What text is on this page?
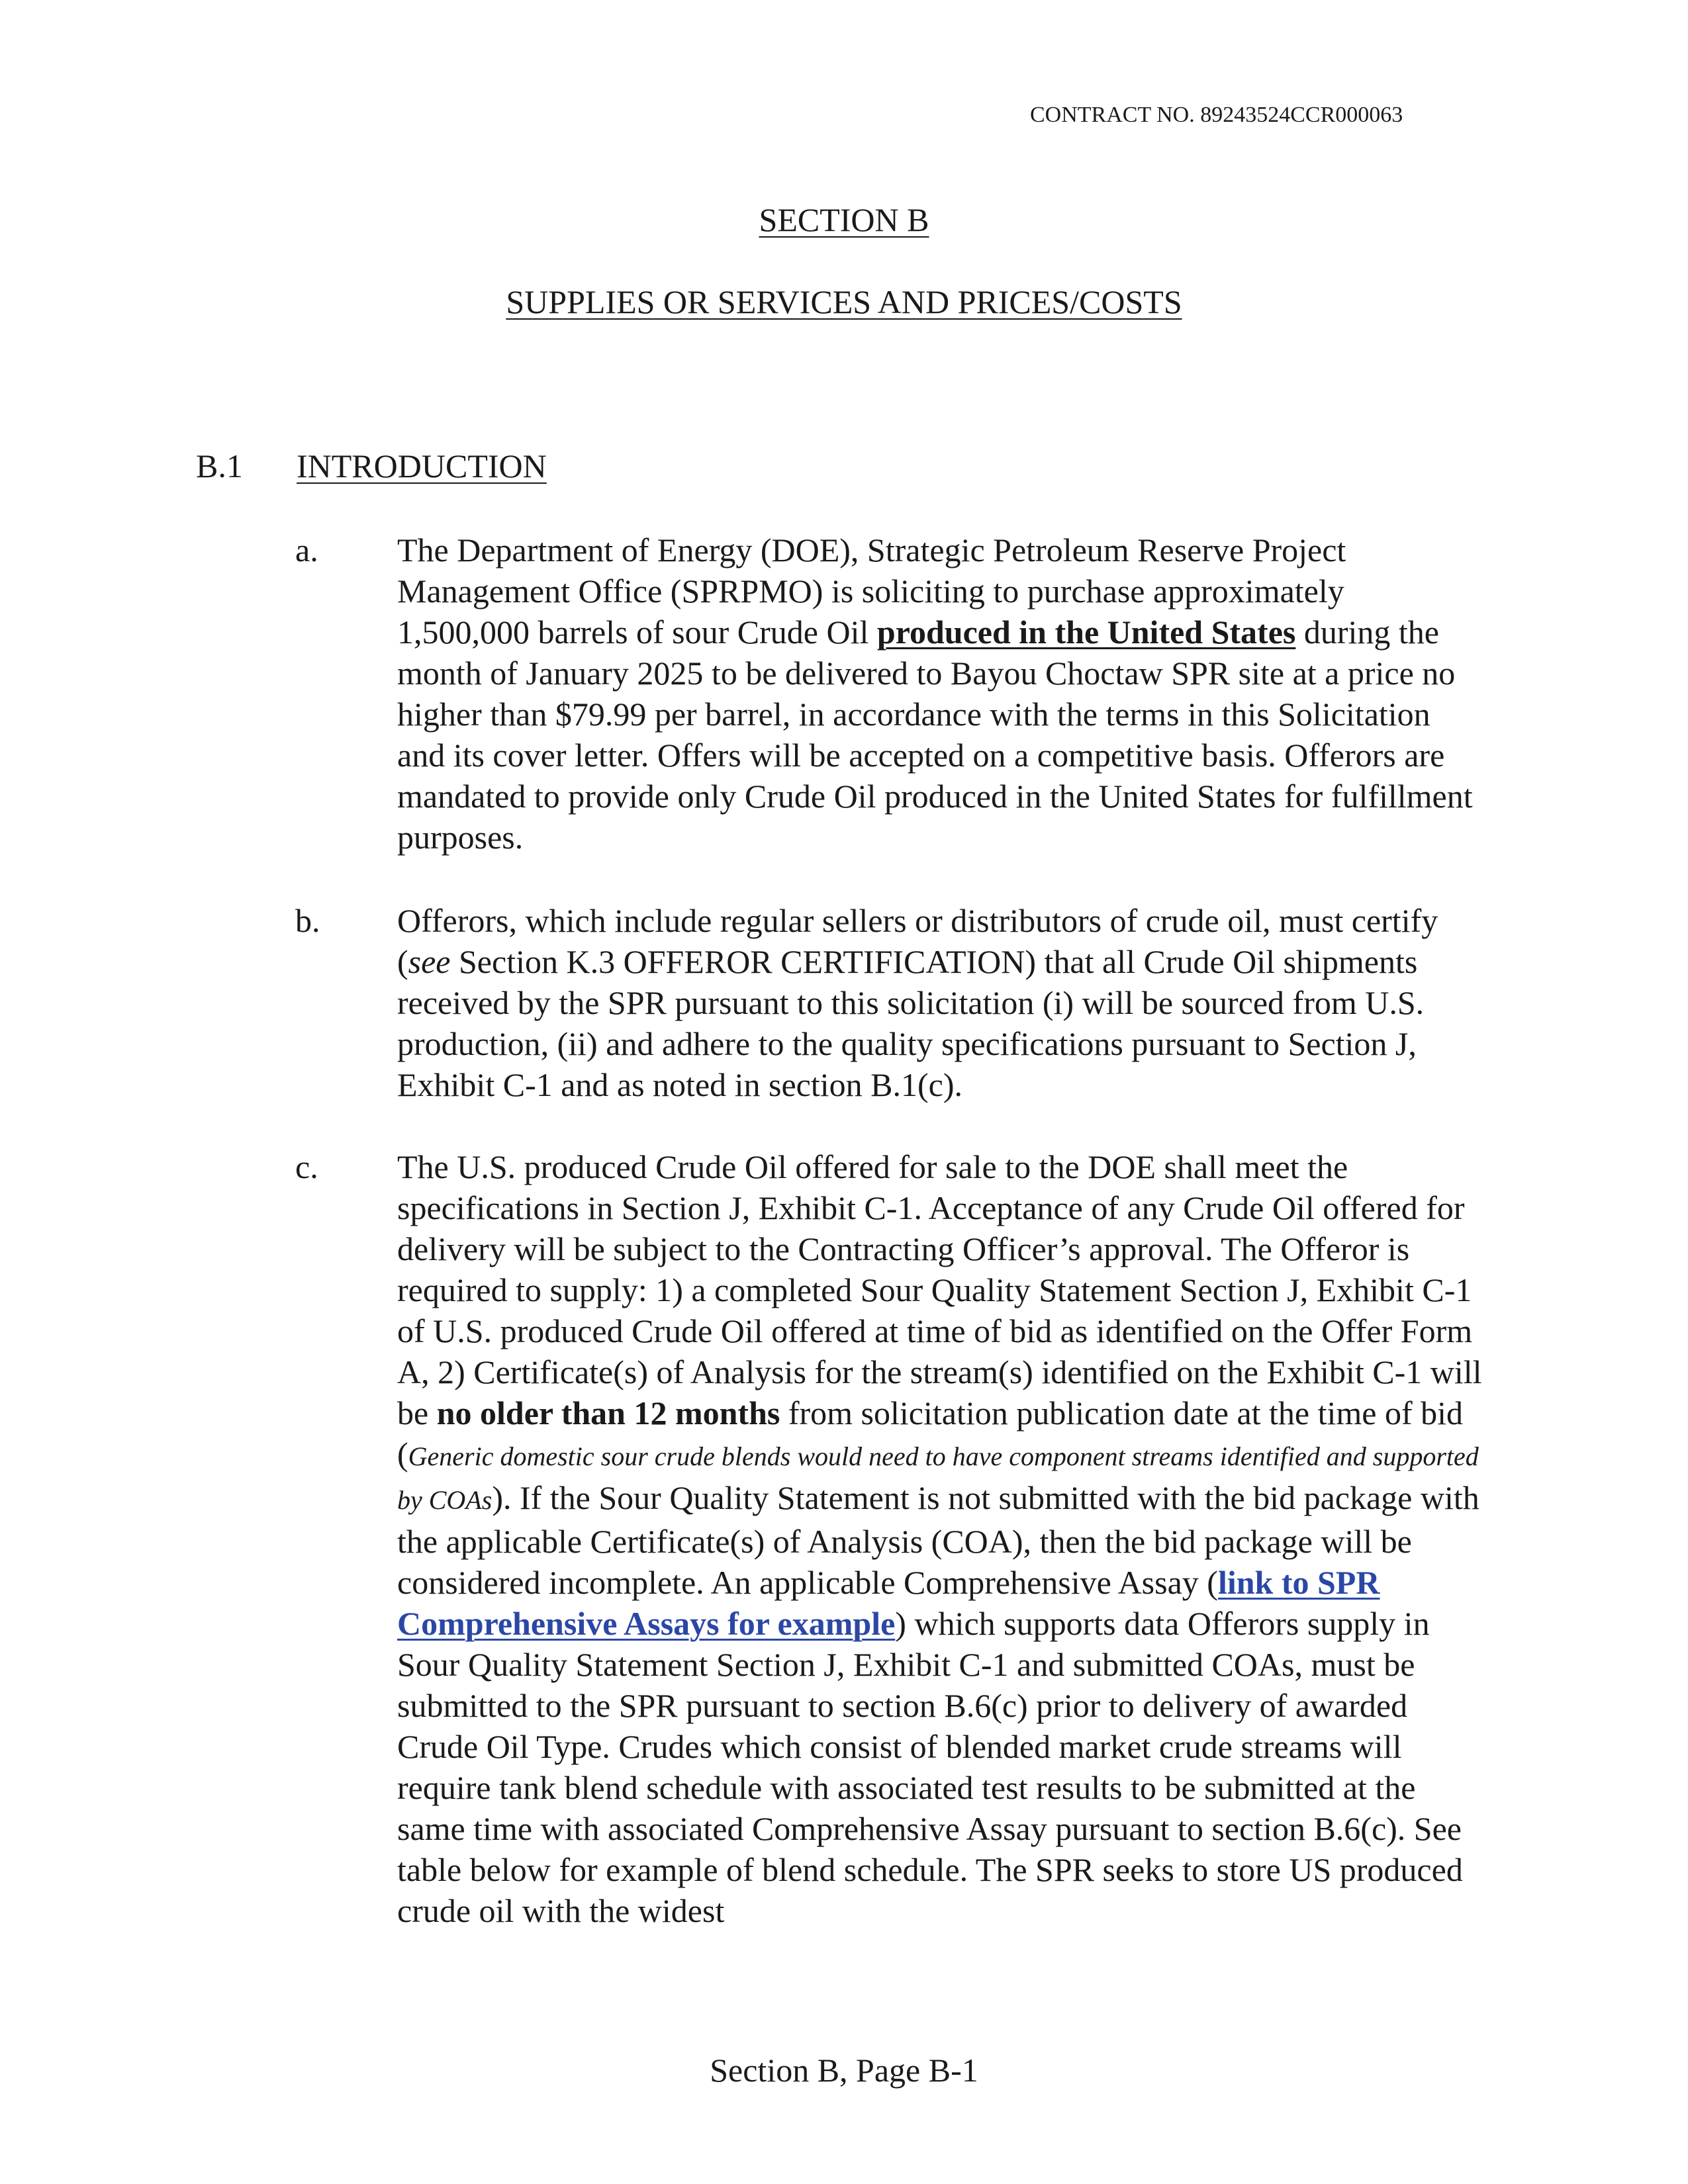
CONTRACT NO. 89243524CCR000063
SECTION B
SUPPLIES OR SERVICES AND PRICES/COSTS
B.1 INTRODUCTION
a. The Department of Energy (DOE), Strategic Petroleum Reserve Project Management Office (SPRPMO) is soliciting to purchase approximately 1,500,000 barrels of sour Crude Oil produced in the United States during the month of January 2025 to be delivered to Bayou Choctaw SPR site at a price no higher than $79.99 per barrel, in accordance with the terms in this Solicitation and its cover letter. Offers will be accepted on a competitive basis. Offerors are mandated to provide only Crude Oil produced in the United States for fulfillment purposes.

b. Offerors, which include regular sellers or distributors of crude oil, must certify (see Section K.3 OFFEROR CERTIFICATION) that all Crude Oil shipments received by the SPR pursuant to this solicitation (i) will be sourced from U.S. production, (ii) and adhere to the quality specifications pursuant to Section J, Exhibit C-1 and as noted in section B.1(c).

c. The U.S. produced Crude Oil offered for sale to the DOE shall meet the specifications in Section J, Exhibit C-1. Acceptance of any Crude Oil offered for delivery will be subject to the Contracting Officer’s approval. The Offeror is required to supply: 1) a completed Sour Quality Statement Section J, Exhibit C-1 of U.S. produced Crude Oil offered at time of bid as identified on the Offer Form A, 2) Certificate(s) of Analysis for the stream(s) identified on the Exhibit C-1 will be no older than 12 months from solicitation publication date at the time of bid (Generic domestic sour crude blends would need to have component streams identified and supported by COAs). If the Sour Quality Statement is not submitted with the bid package with the applicable Certificate(s) of Analysis (COA), then the bid package will be considered incomplete. An applicable Comprehensive Assay (link to SPR Comprehensive Assays for example) which supports data Offerors supply in Sour Quality Statement Section J, Exhibit C-1 and submitted COAs, must be submitted to the SPR pursuant to section B.6(c) prior to delivery of awarded Crude Oil Type. Crudes which consist of blended market crude streams will require tank blend schedule with associated test results to be submitted at the same time with associated Comprehensive Assay pursuant to section B.6(c). See table below for example of blend schedule. The SPR seeks to store US produced crude oil with the widest

Section B, Page B-1
